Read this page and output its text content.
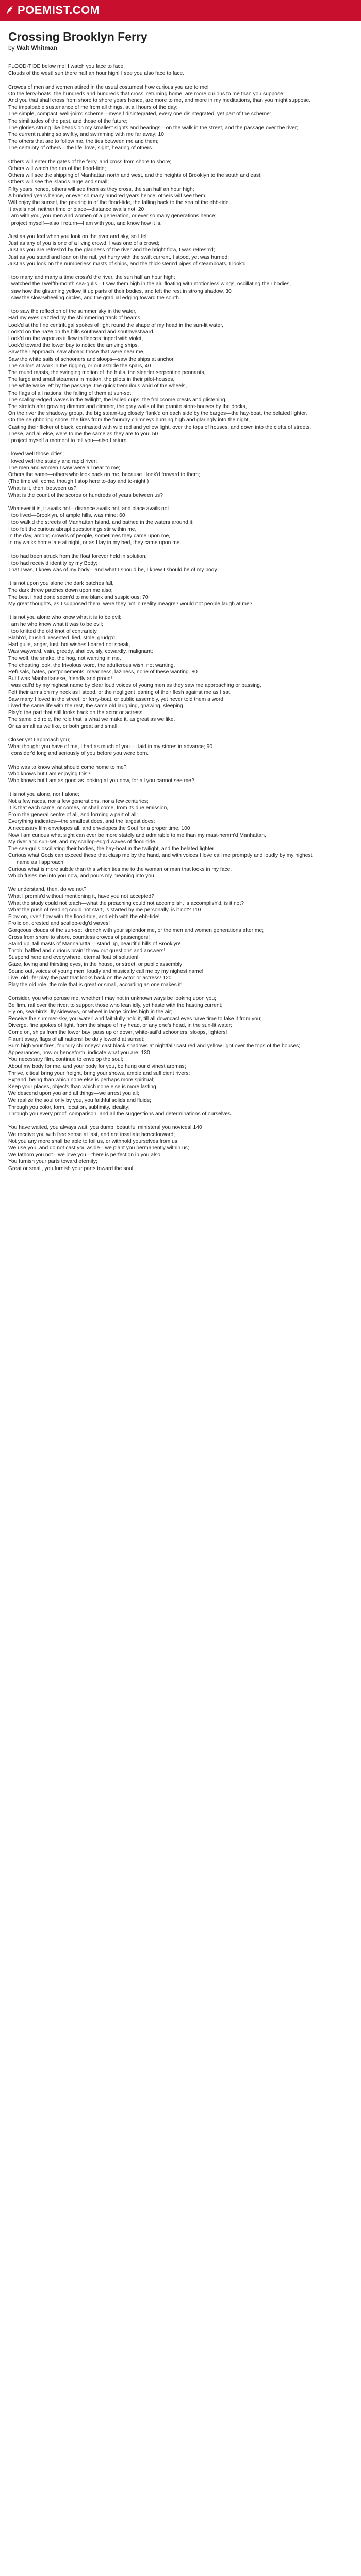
POEMIST.COM
Crossing Brooklyn Ferry
by Walt Whitman
FLOOD-TIDE below me! I watch you face to face;
Clouds of the west! sun there half an hour high! I see you also face to face.
Crowds of men and women attired in the usual costumes! how curious you are to me!
On the ferry-boats, the hundreds and hundreds that cross, returning home, are more curious to me than you suppose;
And you that shall cross from shore to shore years hence, are more to me, and more in my meditations, than you might suppose.
The impalpable sustenance of me from all things, at all hours of the day;
The simple, compact, well-join'd scheme—myself disintegrated, every one disintegrated, yet part of the scheme:
The similitudes of the past, and those of the future;
The glories strung like beads on my smallest sights and hearings—on the walk in the street, and the passage over the river;
The current rushing so swiftly, and swimming with me far away; 10
The others that are to follow me, the ties between me and them;
The certainty of others—the life, love, sight, hearing of others.
Others will enter the gates of the ferry, and cross from shore to shore;
Others will watch the run of the flood-tide;
Others will see the shipping of Manhattan north and west, and the heights of Brooklyn to the south and east;
Others will see the islands large and small;
Fifty years hence, others will see them as they cross, the sun half an hour high;
A hundred years hence, or ever so many hundred years hence, others will see them,
Will enjoy the sunset, the pouring in of the flood-tide, the falling back to the sea of the ebb-tide.
It avails not, neither time or place—distance avails not; 20
I am with you, you men and women of a generation, or ever so many generations hence;
I project myself—also I return—I am with you, and know how it is.
Just as you feel when you look on the river and sky, so I felt;
Just as any of you is one of a living crowd, I was one of a crowd;
Just as you are refresh'd by the gladness of the river and the bright flow, I was refresh'd;
Just as you stand and lean on the rail, yet hurry with the swift current, I stood, yet was hurried;
Just as you look on the numberless masts of ships, and the thick-stem'd pipes of steamboats, I look'd.
I too many and many a time cross'd the river, the sun half an hour high;
I watched the Twelfth-month sea-gulls—I saw them high in the air, floating with motionless wings, oscillating their bodies,
I saw how the glistening yellow lit up parts of their bodies, and left the rest in strong shadow, 30
I saw the slow-wheeling circles, and the gradual edging toward the south.
I too saw the reflection of the summer sky in the water,
Had my eyes dazzled by the shimmering track of beams,
Look'd at the fine centrifugal spokes of light round the shape of my head in the sun-lit water,
Look'd on the haze on the hills southward and southwestward,
Look'd on the vapor as it flew in fleeces tinged with violet,
Look'd toward the lower bay to notice the arriving ships,
Saw their approach, saw aboard those that were near me,
Saw the white sails of schooners and sloops—saw the ships at anchor,
The sailors at work in the rigging, or out astride the spars, 40
The round masts, the swinging motion of the hulls, the slender serpentine pennants,
The large and small steamers in motion, the pilots in their pilot-houses,
The white wake left by the passage, the quick tremulous whirl of the wheels,
The flags of all nations, the falling of them at sun-set,
The scallop-edged waves in the twilight, the ladled cups, the frolicsome crests and glistening,
The stretch afar growing dimmer and dimmer, the gray walls of the granite store-houses by the docks,
On the river the shadowy group, the big steam-tug closely flank'd on each side by the barges—the hay-boat, the belated lighter,
On the neighboring shore, the fires from the foundry chimneys burning high and glaringly into the night,
Casting their flicker of black, contrasted with wild red and yellow light, over the tops of houses, and down into the clefts of streets.
These, and all else, were to me the same as they are to you; 50
I project myself a moment to tell you—also I return.
I loved well those cities;
I loved well the stately and rapid river;
The men and women I saw were all near to me;
Others the same—others who look back on me, because I look'd forward to them;
(The time will come, though I stop here to-day and to-night.)
What is it, then, between us?
What is the count of the scores or hundreds of years between us?
Whatever it is, it avails not—distance avails not, and place avails not.
I too lived—Brooklyn, of ample hills, was mine; 60
I too walk'd the streets of Manhattan Island, and bathed in the waters around it;
I too felt the curious abrupt questionings stir within me,
In the day, among crowds of people, sometimes they came upon me,
In my walks home late at night, or as I lay in my bed, they came upon me.
I too had been struck from the float forever held in solution;
I too had receiv'd identity by my Body;
That I was, I knew was of my body—and what I should be, I knew I should be of my body.
It is not upon you alone the dark patches fall,
The dark threw patches down upon me also;
The best I had done seem'd to me blank and suspicious; 70
My great thoughts, as I supposed them, were they not in reality meagre? would not people laugh at me?
It is not you alone who know what it is to be evil;
I am he who knew what it was to be evil;
I too knitted the old knot of contrariety,
Blabb'd, blush'd, resented, lied, stole, grudg'd,
Had guile, anger, lust, hot wishes I dared not speak,
Was wayward, vain, greedy, shallow, sly, cowardly, malignant;
The wolf, the snake, the hog, not wanting in me,
The cheating look, the frivolous word, the adulterous wish, not wanting,
Refusals, hates, postponements, meanness, laziness, none of these wanting. 80
But I was Manhattanese, friendly and proud!
I was call'd by my nighest name by clear loud voices of young men as they saw me approaching or passing,
Felt their arms on my neck as I stood, or the negligent leaning of their flesh against me as I sat,
Saw many I loved in the street, or ferry-boat, or public assembly, yet never told them a word,
Lived the same life with the rest, the same old laughing, gnawing, sleeping,
Play'd the part that still looks back on the actor or actress,
The same old role, the role that is what we make it, as great as we like,
Or as small as we like, or both great and small.
Closer yet I approach you;
What thought you have of me, I had as much of you—I laid in my stores in advance; 90
I consider'd long and seriously of you before you were born.
Who was to know what should come home to me?
Who knows but I am enjoying this?
Who knows but I am as good as looking at you now, for all you cannot see me?
It is not you alone, nor I alone;
Not a few races, nor a few generations, nor a few centuries;
It is that each came, or comes, or shall come, from its due emission,
From the general centre of all, and forming a part of all:
Everything indicates—the smallest does, and the largest does;
A necessary film envelopes all, and envelopes the Soul for a proper time. 100
Now I am curious what sight can ever be more stately and admirable to me than my mast-hemm'd Manhattan,
My river and sun-set, and my scallop-edg'd waves of flood-tide,
The sea-gulls oscillating their bodies, the hay-boat in the twilight, and the belated lighter;
Curious what Gods can exceed these that clasp me by the hand, and with voices I love call me promptly and loudly by my nighest name as I approach;
Curious what is more subtle than this which ties me to the woman or man that looks in my face,
Which fuses me into you now, and pours my meaning into you.
We understand, then, do we not?
What I promis'd without mentioning it, have you not accepted?
What the study could not teach—what the preaching could not accomplish, is accomplish'd, is it not?
What the push of reading could not start, is started by me personally, is it not? 110
Flow on, river! flow with the flood-tide, and ebb with the ebb-tide!
Frolic on, crested and scallop-edg'd waves!
Gorgeous clouds of the sun-set! drench with your splendor me, or the men and women generations after me;
Cross from shore to shore, countless crowds of passengers!
Stand up, tall masts of Mannahatta!—stand up, beautiful hills of Brooklyn!
Throb, baffled and curious brain! throw out questions and answers!
Suspend here and everywhere, eternal float of solution!
Gaze, loving and thirsting eyes, in the house, or street, or public assembly!
Sound out, voices of young men! loudly and musically call me by my nighest name!
Live, old life! play the part that looks back on the actor or actress! 120
Play the old role, the role that is great or small, according as one makes it!
Consider, you who peruse me, whether I may not in unknown ways be looking upon you;
Be firm, rail over the river, to support those who lean idly, yet haste with the hasting current;
Fly on, sea-birds! fly sideways, or wheel in large circles high in the air;
Receive the summer-sky, you water! and faithfully hold it, till all downcast eyes have time to take it from you;
Diverge, fine spokes of light, from the shape of my head, or any one's head, in the sun-lit water;
Come on, ships from the lower bay! pass up or down, white-sail'd schooners, sloops, lighters!
Flaunt away, flags of all nations! be duly lower'd at sunset;
Burn high your fires, foundry chimneys! cast black shadows at nightfall! cast red and yellow light over the tops of the houses;
Appearances, now or henceforth, indicate what you are; 130
You necessary film, continue to envelop the soul;
About my body for me, and your body for you, be hung our divinest aromas;
Thrive, cities! bring your freight, bring your shows, ample and sufficient rivers;
Expand, being than which none else is perhaps more spiritual;
Keep your places, objects than which none else is more lasting.
We descend upon you and all things—we arrest you all;
We realize the soul only by you, you faithful solids and fluids;
Through you color, form, location, sublimity, ideality;
Through you every proof, comparison, and all the suggestions and determinations of ourselves.
You have waited, you always wait, you dumb, beautiful ministers! you novices! 140
We receive you with free sense at last, and are insatiate henceforward;
Not you any more shall be able to foil us, or withhold yourselves from us;
We use you, and do not cast you aside—we plant you permanently within us;
We fathom you not—we love you—there is perfection in you also;
You furnish your parts toward eternity;
Great or small, you furnish your parts toward the soul.
